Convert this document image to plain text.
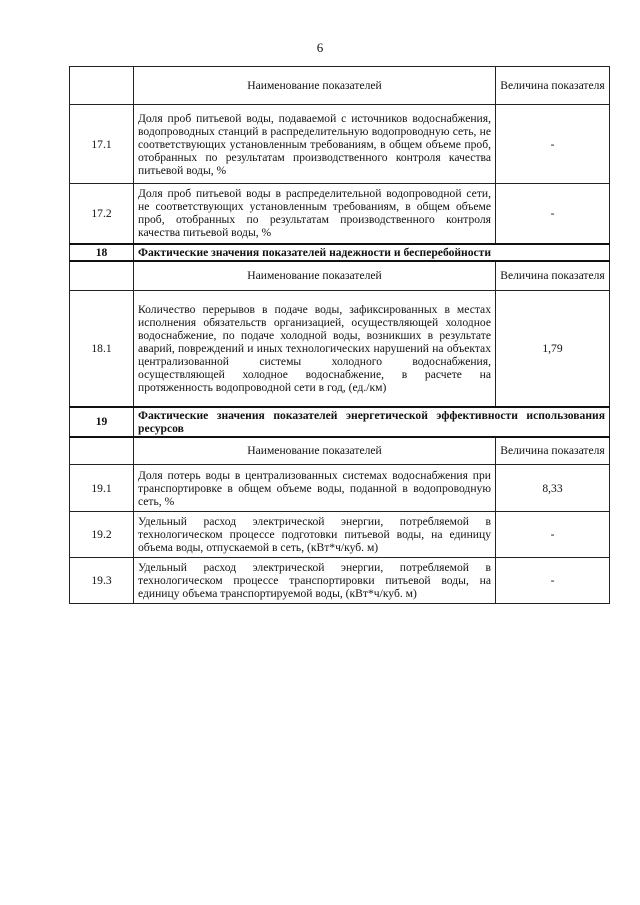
6
	Наименование показателей	Величина показателя
17.1	Доля проб питьевой воды, подаваемой с источников водоснабжения, водопроводных станций в распределительную водопроводную сеть, не соответствующих установленным требованиям, в общем объеме проб, отобранных по результатам производственного контроля качества питьевой воды, %	-
17.2	Доля проб питьевой воды в распределительной водопроводной сети, не соответствующих установленным требованиям, в общем объеме проб, отобранных по результатам производственного контроля качества питьевой воды, %	-
18	Фактические значения показателей надежности и бесперебойности	
	Наименование показателей	Величина показателя
18.1	Количество перерывов в подаче воды, зафиксированных в местах исполнения обязательств организацией, осуществляющей холодное водоснабжение, по подаче холодной воды, возникших в результате аварий, повреждений и иных технологических нарушений на объектах централизованной системы холодного водоснабжения, осуществляющей холодное водоснабжение, в расчете на протяженность водопроводной сети в год, (ед./км)	1,79
19	Фактические значения показателей энергетической эффективности использования ресурсов	
	Наименование показателей	Величина показателя
19.1	Доля потерь воды в централизованных системах водоснабжения при транспортировке в общем объеме воды, поданной в водопроводную сеть, %	8,33
19.2	Удельный расход электрической энергии, потребляемой в технологическом процессе подготовки питьевой воды, на единицу объема воды, отпускаемой в сеть, (кВт*ч/куб. м)	-
19.3	Удельный расход электрической энергии, потребляемой в технологическом процессе транспортировки питьевой воды, на единицу объема транспортируемой воды, (кВт*ч/куб. м)	-
